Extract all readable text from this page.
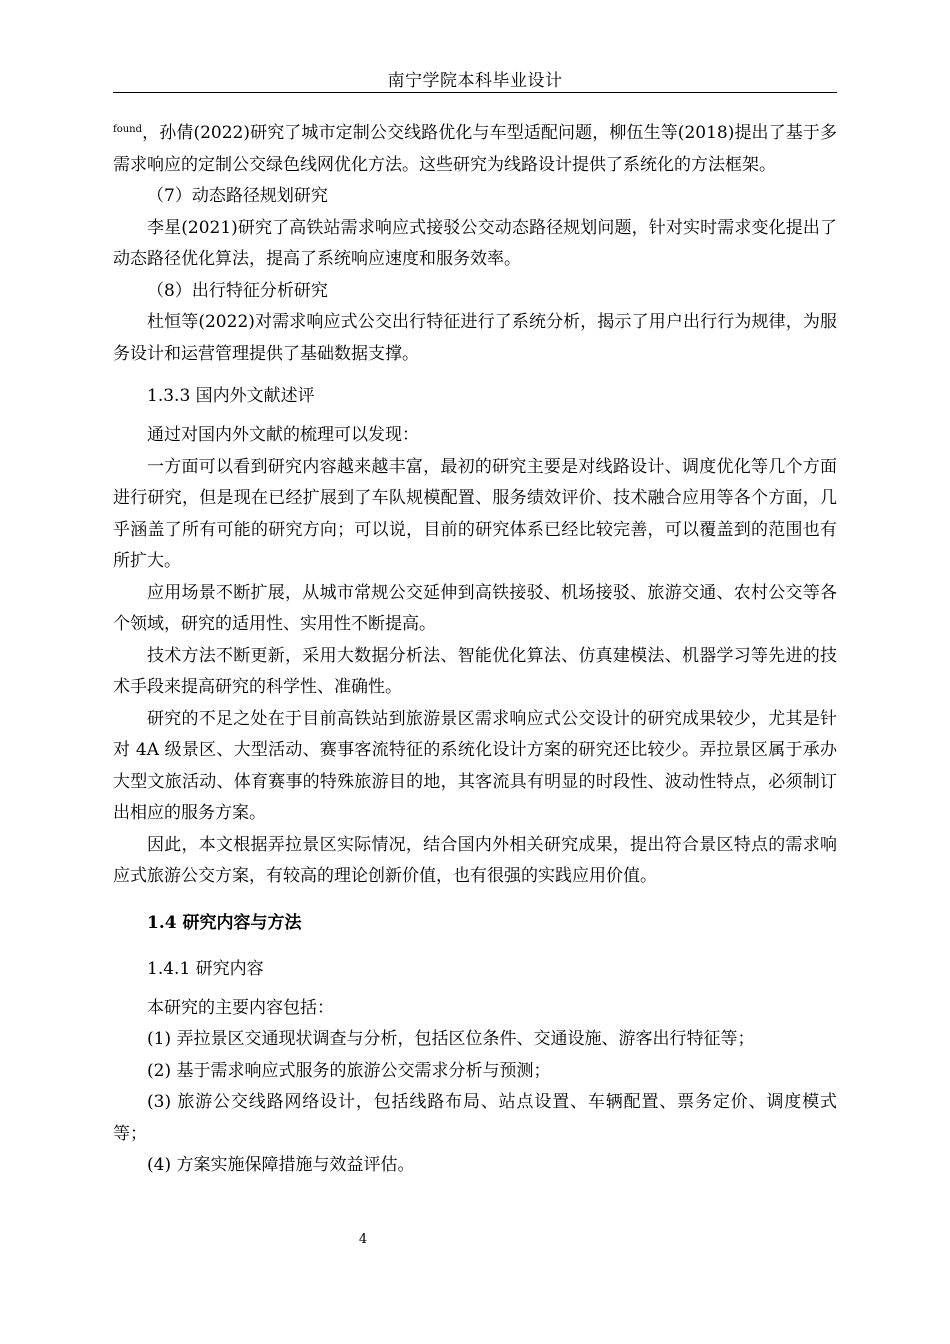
南宁学院本科毕业设计

$^{found}$，孙倩(2022)研究了城市定制公交线路优化与车型适配问题，柳伍生等(2018)提出了基于多需求响应的定制公交绿色线网优化方法。这些研究为线路设计提供了系统化的方法框架。

（7）动态路径规划研究

李星(2021)研究了高铁站需求响应式接驳公交动态路径规划问题，针对实时需求变化提出了动态路径优化算法，提高了系统响应速度和服务效率。

（8）出行特征分析研究

杜恒等(2022)对需求响应式公交出行特征进行了系统分析，揭示了用户出行行为规律，为服务设计和运营管理提供了基础数据支撑。

1.3.3 国内外文献述评

通过对国内外文献的梳理可以发现：

一方面可以看到研究内容越来越丰富，最初的研究主要是对线路设计、调度优化等几个方面进行研究，但是现在已经扩展到了车队规模配置、服务绩效评价、技术融合应用等各个方面，几乎涵盖了所有可能的研究方向；可以说，目前的研究体系已经比较完善，可以覆盖到的范围也有所扩大。

应用场景不断扩展，从城市常规公交延伸到高铁接驳、机场接驳、旅游交通、农村公交等各个领域，研究的适用性、实用性不断提高。

技术方法不断更新，采用大数据分析法、智能优化算法、仿真建模法、机器学习等先进的技术手段来提高研究的科学性、准确性。

研究的不足之处在于目前高铁站到旅游景区需求响应式公交设计的研究成果较少，尤其是针对 4A 级景区、大型活动、赛事客流特征的系统化设计方案的研究还比较少。弄拉景区属于承办大型文旅活动、体育赛事的特殊旅游目的地，其客流具有明显的时段性、波动性特点，必须制订出相应的服务方案。

因此，本文根据弄拉景区实际情况，结合国内外相关研究成果，提出符合景区特点的需求响应式旅游公交方案，有较高的理论创新价值，也有很强的实践应用价值。

1.4 研究内容与方法

1.4.1 研究内容

本研究的主要内容包括：

(1) 弄拉景区交通现状调查与分析，包括区位条件、交通设施、游客出行特征等；

(2) 基于需求响应式服务的旅游公交需求分析与预测；

(3) 旅游公交线路网络设计，包括线路布局、站点设置、车辆配置、票务定价、调度模式等；

(4) 方案实施保障措施与效益评估。

4
